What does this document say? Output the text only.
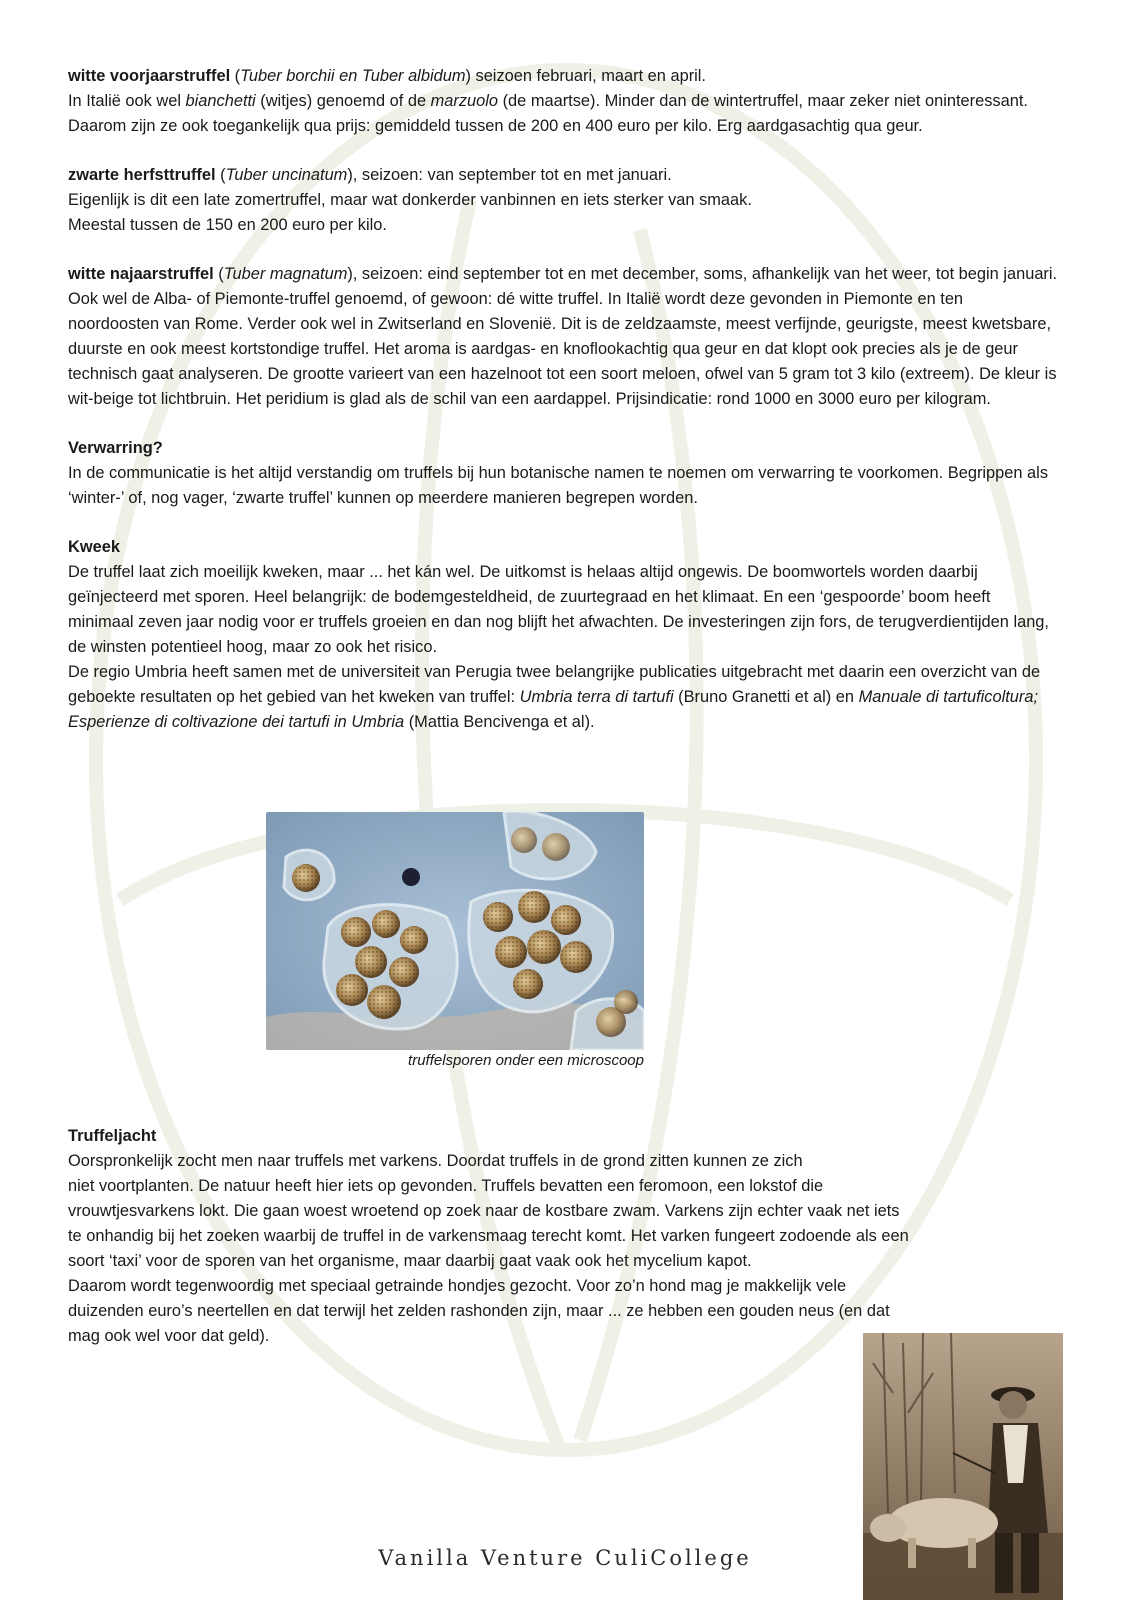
witte voorjaarstruffel (Tuber borchii en Tuber albidum) seizoen februari, maart en april.
In Italië ook wel bianchetti (witjes) genoemd of de marzuolo (de maartse). Minder dan de wintertruffel, maar zeker niet oninteressant. Daarom zijn ze ook toegankelijk qua prijs: gemiddeld tussen de 200 en 400 euro per kilo. Erg aardgasachtig qua geur.

zwarte herfsttruffel (Tuber uncinatum), seizoen: van september tot en met januari.
Eigenlijk is dit een late zomertruffel, maar wat donkerder vanbinnen en iets sterker van smaak.
Meestal tussen de 150 en 200 euro per kilo.

witte najaarstruffel (Tuber magnatum), seizoen: eind september tot en met december, soms, afhankelijk van het weer, tot begin januari. Ook wel de Alba- of Piemonte-truffel genoemd, of gewoon: dé witte truffel. In Italië wordt deze gevonden in Piemonte en ten noordoosten van Rome. Verder ook wel in Zwitserland en Slovenië. Dit is de zeldzaamste, meest verfijnde, geurigste, meest kwetsbare, duurste en ook meest kortstondige truffel. Het aroma is aardgas- en knoflookachtig qua geur en dat klopt ook precies als je de geur technisch gaat analyseren. De grootte varieert van een hazelnoot tot een soort meloen, ofwel van 5 gram tot 3 kilo (extreem). De kleur is wit-beige tot lichtbruin. Het peridium is glad als de schil van een aardappel. Prijsindicatie: rond 1000 en 3000 euro per kilogram.

Verwarring?
In de communicatie is het altijd verstandig om truffels bij hun botanische namen te noemen om verwarring te voorkomen. Begrippen als ‘winter-’ of, nog vager, ‘zwarte truffel’ kunnen op meerdere manieren begrepen worden.

Kweek
De truffel laat zich moeilijk kweken, maar ... het kán wel. De uitkomst is helaas altijd ongewis. De boomwortels worden daarbij geïnjecteerd met sporen. Heel belangrijk: de bodemgesteldheid, de zuurtegraad en het klimaat. En een ‘gespoorde’ boom heeft minimaal zeven jaar nodig voor er truffels groeien en dan nog blijft het afwachten. De investeringen zijn fors, de terugverdientijden lang, de winsten potentieel hoog, maar zo ook het risico.
De regio Umbria heeft samen met de universiteit van Perugia twee belangrijke publicaties uitgebracht met daarin een overzicht van de geboekte resultaten op het gebied van het kweken van truffel: Umbria terra di tartufi (Bruno Granetti et al) en Manuale di tartuficoltura; Esperienze di coltivazione dei tartufi in Umbria (Mattia Bencivenga et al).

truffelsporen onder een microscoop

Truffeljacht
Oorspronkelijk zocht men naar truffels met varkens. Doordat truffels in de grond zitten kunnen ze zich
niet voortplanten. De natuur heeft hier iets op gevonden. Truffels bevatten een feromoon, een lokstof die
vrouwtjesvarkens lokt. Die gaan woest wroetend op zoek naar de kostbare zwam. Varkens zijn echter vaak net iets
te onhandig bij het zoeken waarbij de truffel in de varkensmaag terecht komt. Het varken fungeert zodoende als een
soort ‘taxi’ voor de sporen van het organisme, maar daarbij gaat vaak ook het mycelium kapot.
Daarom wordt tegenwoordig met speciaal getrainde hondjes gezocht. Voor zo’n hond mag je makkelijk vele
duizenden euro’s neertellen en dat terwijl het zelden rashonden zijn, maar ... ze hebben een gouden neus (en dat
mag ook wel voor dat geld).

Vanilla Venture CuliCollege
